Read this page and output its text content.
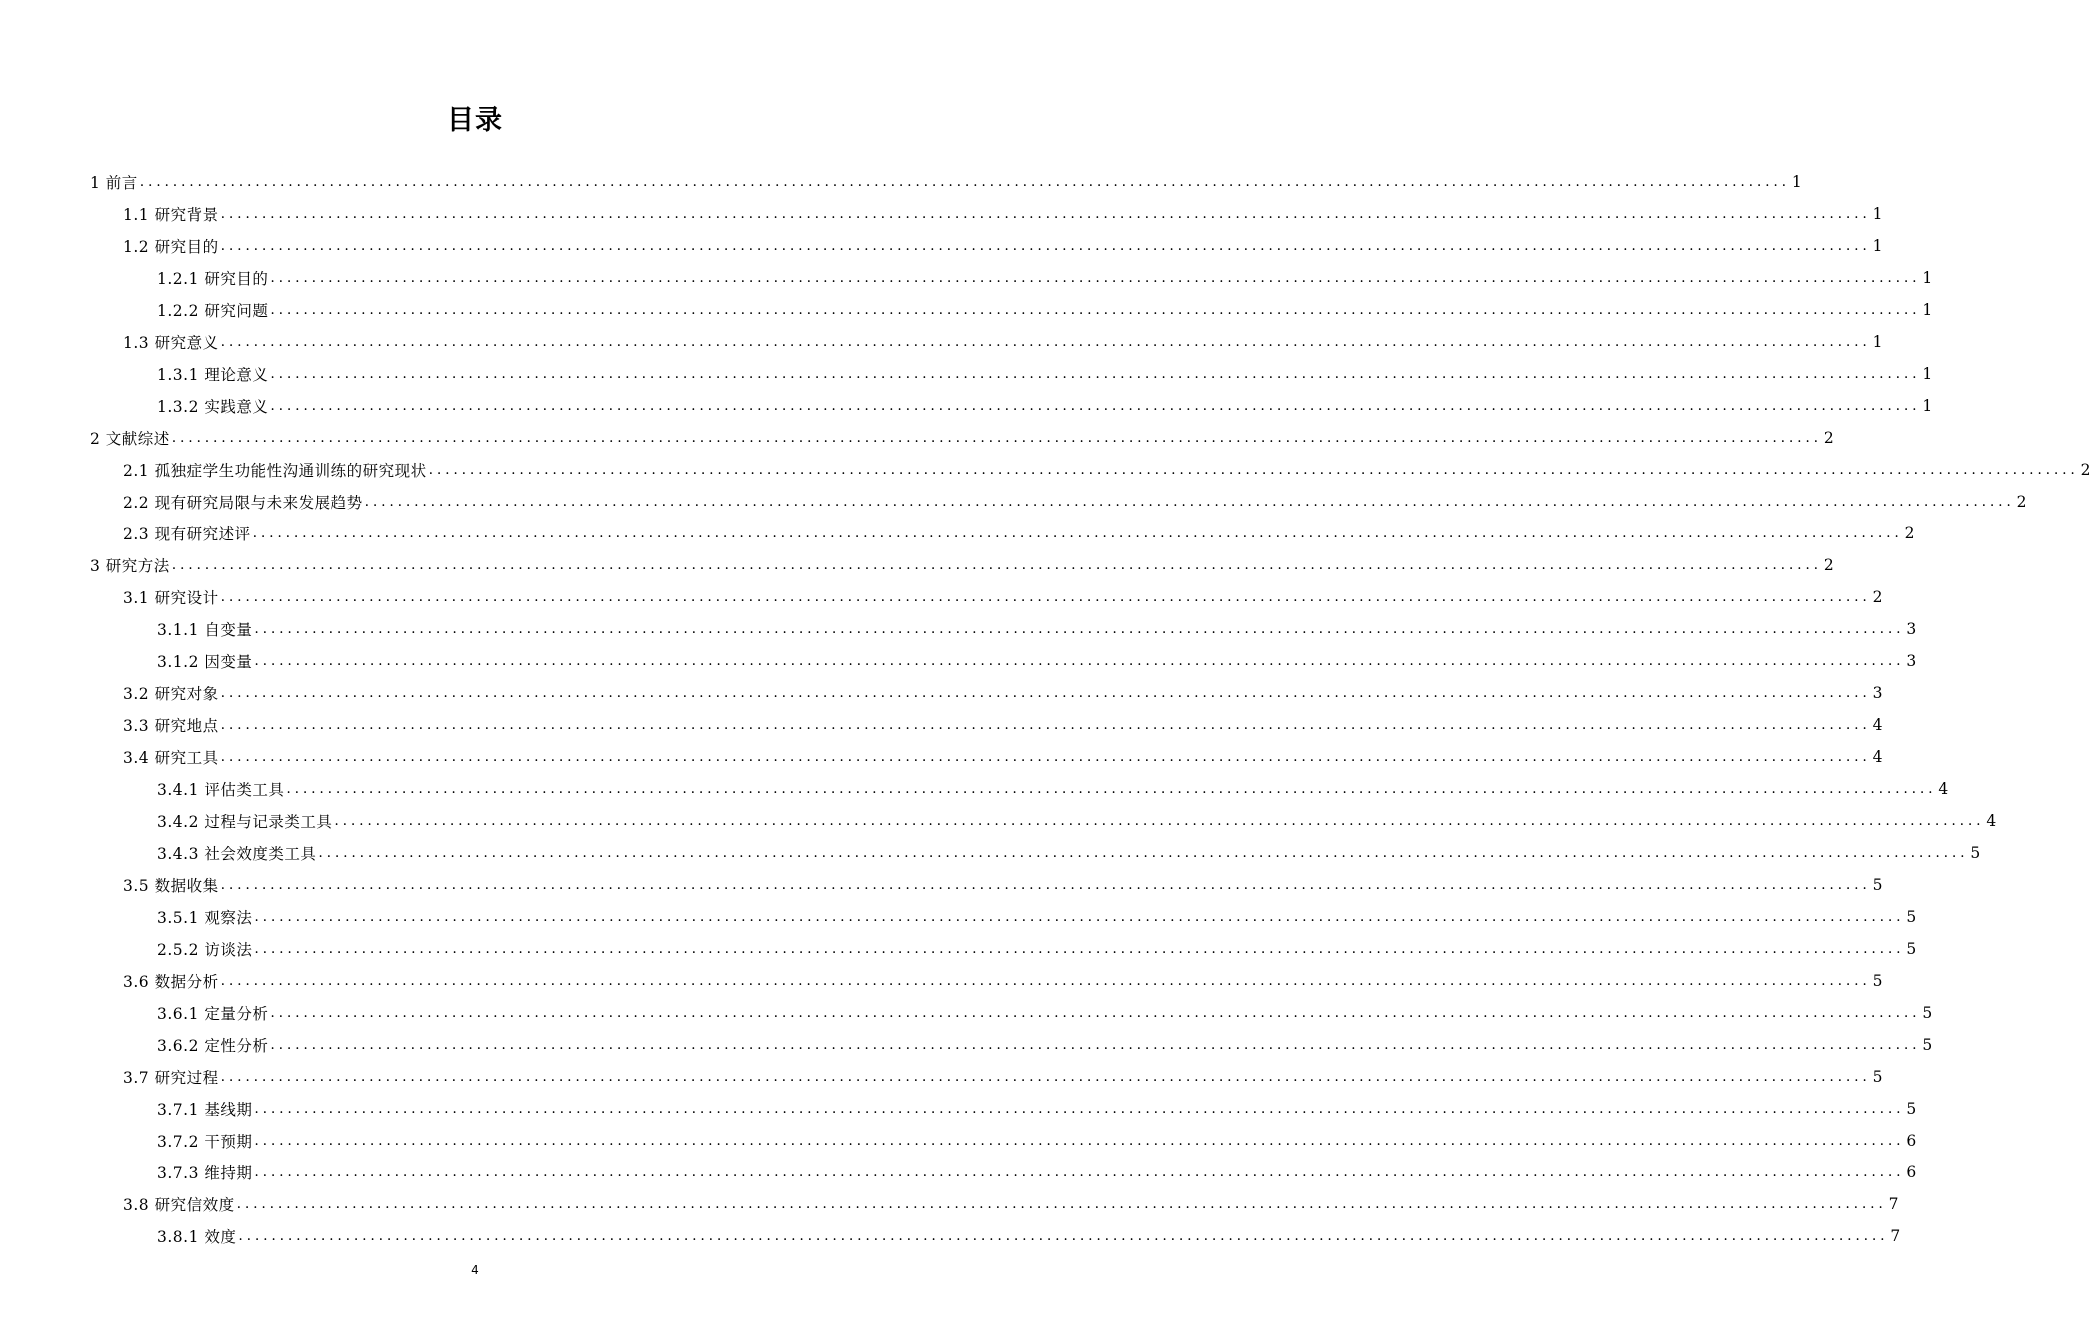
目录
1 前言 ........................................................................................................................................................................................................ 1
1.1 研究背景 ........................................................................................................................................................................................................ 1
1.2 研究目的 ........................................................................................................................................................................................................ 1
1.2.1 研究目的 ........................................................................................................................................................................................................ 1
1.2.2 研究问题 ........................................................................................................................................................................................................ 1
1.3 研究意义 ........................................................................................................................................................................................................ 1
1.3.1 理论意义 ........................................................................................................................................................................................................ 1
1.3.2 实践意义 ........................................................................................................................................................................................................ 1
2 文献综述 ........................................................................................................................................................................................................ 2
2.1 孤独症学生功能性沟通训练的研究现状 ........................................................................................................................................................................................................ 2
2.2 现有研究局限与未来发展趋势 ........................................................................................................................................................................................................ 2
2.3 现有研究述评 ........................................................................................................................................................................................................ 2
3 研究方法 ........................................................................................................................................................................................................ 2
3.1 研究设计 ........................................................................................................................................................................................................ 2
3.1.1 自变量 ........................................................................................................................................................................................................ 3
3.1.2 因变量 ........................................................................................................................................................................................................ 3
3.2 研究对象 ........................................................................................................................................................................................................ 3
3.3 研究地点 ........................................................................................................................................................................................................ 4
3.4 研究工具 ........................................................................................................................................................................................................ 4
3.4.1 评估类工具 ........................................................................................................................................................................................................ 4
3.4.2 过程与记录类工具 ........................................................................................................................................................................................................ 4
3.4.3 社会效度类工具 ........................................................................................................................................................................................................ 5
3.5 数据收集 ........................................................................................................................................................................................................ 5
3.5.1 观察法 ........................................................................................................................................................................................................ 5
2.5.2 访谈法 ........................................................................................................................................................................................................ 5
3.6 数据分析 ........................................................................................................................................................................................................ 5
3.6.1 定量分析 ........................................................................................................................................................................................................ 5
3.6.2 定性分析 ........................................................................................................................................................................................................ 5
3.7 研究过程 ........................................................................................................................................................................................................ 5
3.7.1 基线期 ........................................................................................................................................................................................................ 5
3.7.2 干预期 ........................................................................................................................................................................................................ 6
3.7.3 维持期 ........................................................................................................................................................................................................ 6
3.8 研究信效度 ........................................................................................................................................................................................................ 7
3.8.1 效度 ........................................................................................................................................................................................................ 7
4
